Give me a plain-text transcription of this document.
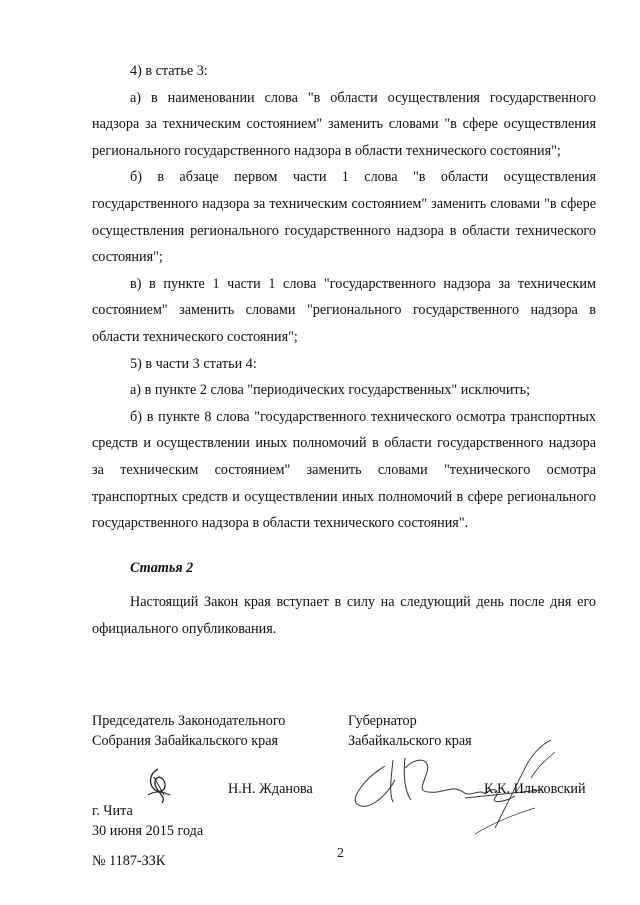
4) в статье 3:

а) в наименовании слова "в области осуществления государственного надзора за техническим состоянием" заменить словами "в сфере осуществления регионального государственного надзора в области технического состояния";

б) в абзаце первом части 1 слова "в области осуществления государственного надзора за техническим состоянием" заменить словами "в сфере осуществления регионального государственного надзора в области технического состояния";

в) в пункте 1 части 1 слова "государственного надзора за техническим состоянием" заменить словами "регионального государственного надзора в области технического состояния";

5) в части 3 статьи 4:

а) в пункте 2 слова "периодических государственных" исключить;

б) в пункте 8 слова "государственного технического осмотра транспортных средств и осуществлении иных полномочий в области государственного надзора за техническим состоянием" заменить словами "технического осмотра транспортных средств и осуществлении иных полномочий в сфере регионального государственного надзора в области технического состояния".

Статья 2

Настоящий Закон края вступает в силу на следующий день после дня его официального опубликования.

Председатель Законодательного
Собрания Забайкальского края
Губернатор
Забайкальского края
Н.Н. Жданова	К.К. Ильковский
г. Чита
30 июня 2015 года
2
№ 1187-ЗЗК
